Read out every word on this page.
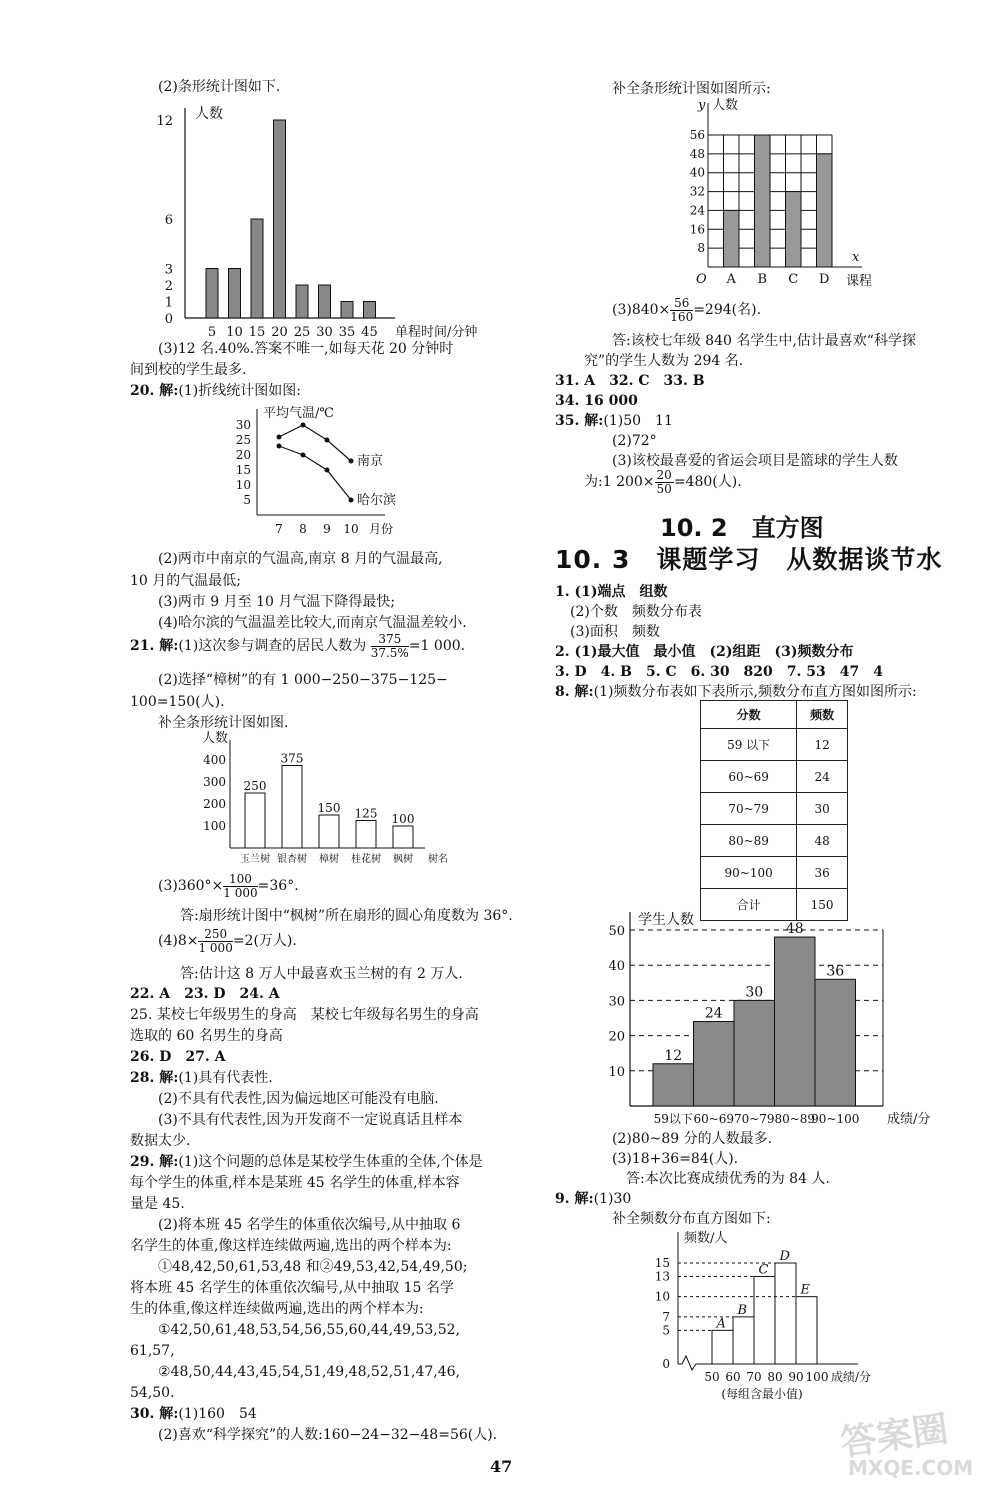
(2)条形统计图如下.
人数
0
1
2
3
6
12
5 10 15 20 25 30 35 45 单程时间/分钟
(3)12 名.40%.答案不唯一,如每天花 20 分钟时
间到校的学生最多.
20. 解:(1)折线统计图如图:
平均气温/℃
5
10
15
20
25
30
7 8 9 10 月份
南京
哈尔滨
(2)两市中南京的气温高,南京 8 月的气温最高,
10 月的气温最低;
(3)两市 9 月至 10 月气温下降得最快;
(4)哈尔滨的气温温差比较大,而南京气温温差较小.
21. 解:(1)这次参与调查的居民人数为 $\frac{375}{37.5\%} =1$ 000.
(2)选择“樟树”的有 1 000−250−375−125−
100=150(人).
补全条形统计图如图.
人数
100
200
300
400
250
玉兰树
375
银杏树
150
樟树
125
桂花树
100
枫树 树名
$(3)360^\circ\times \frac{100}{1 000} =36^\circ$.
答:扇形统计图中“枫树”所在扇形的圆心角度数为 36°.
$(4)8\times \frac{250}{1 000} =2$(万人).
答:估计这 8 万人中最喜欢玉兰树的有 2 万人.
22. A　23. D　24. A
25. 某校七年级男生的身高　某校七年级每名男生的身高
选取的 60 名男生的身高
26. D　27. A
28. 解:(1)具有代表性.
(2)不具有代表性,因为偏远地区可能没有电脑.
(3)不具有代表性,因为开发商不一定说真话且样本
数据太少.
29. 解:(1)这个问题的总体是某校学生体重的全体,个体是
每个学生的体重,样本是某班 45 名学生的体重,样本容
量是 45.
(2)将本班 45 名学生的体重依次编号,从中抽取 6
名学生的体重,像这样连续做两遍,选出的两个样本为:
①48,42,50,61,53,48 和②49,53,42,54,49,50;
将本班 45 名学生的体重依次编号,从中抽取 15 名学
生的体重,像这样连续做两遍,选出的两个样本为:
①42,50,61,48,53,54,56,55,60,44,49,53,52,
61,57,
②48,50,44,43,45,54,51,49,48,52,51,47,46,
54,50.
30. 解:(1)160　54
(2)喜欢“科学探究”的人数:160−24−32−48=56(人).
47
补全条形统计图如图所示:
y 人数
x
课程
O
8
16
24
32
40
48
56
A B C D
$(3)840\times \frac{56}{160} =294$(名).
答:该校七年级 840 名学生中,估计最喜欢“科学探
究”的学生人数为 294 名.
31. A　32. C　33. B
34. 16 000
35. 解:(1)50　11
(2)72°
(3)该校最喜爱的省运会项目是篮球的学生人数
为:1 $200\times \frac{20}{50} =480$(人).
10. 2　直方图
10. 3　课题学习　从数据谈节水
1. (1)端点　组数
(2)个数　频数分布表
(3)面积　频数
2. (1)最大值　最小值　(2)组距　(3)频数分布
3. D　4. B　5. C　6. 30　820　7. 53　47　4
8. 解:(1)频数分布表如下表所示,频数分布直方图如图所示:
分数	频数
59 以下	12
60~69	24
70~79	30
80~89	48
90~100	36
合计	150
10
20
30
40
50
学生人数
12
59以下
24
60~69
30
70~79
48
80~89
36
90~100 成绩/分
(2)80~89 分的人数最多.
(3)18+36=84(人).
答:本次比赛成绩优秀的为 84 人.
9. 解:(1)30
补全频数分布直方图如下:
频数/人
0
5
7
10
13
15
A
B
C
D
E
50 60 70 80 90 100 成绩/分
(每组含最小值)
答案圈
MXQE.COM
